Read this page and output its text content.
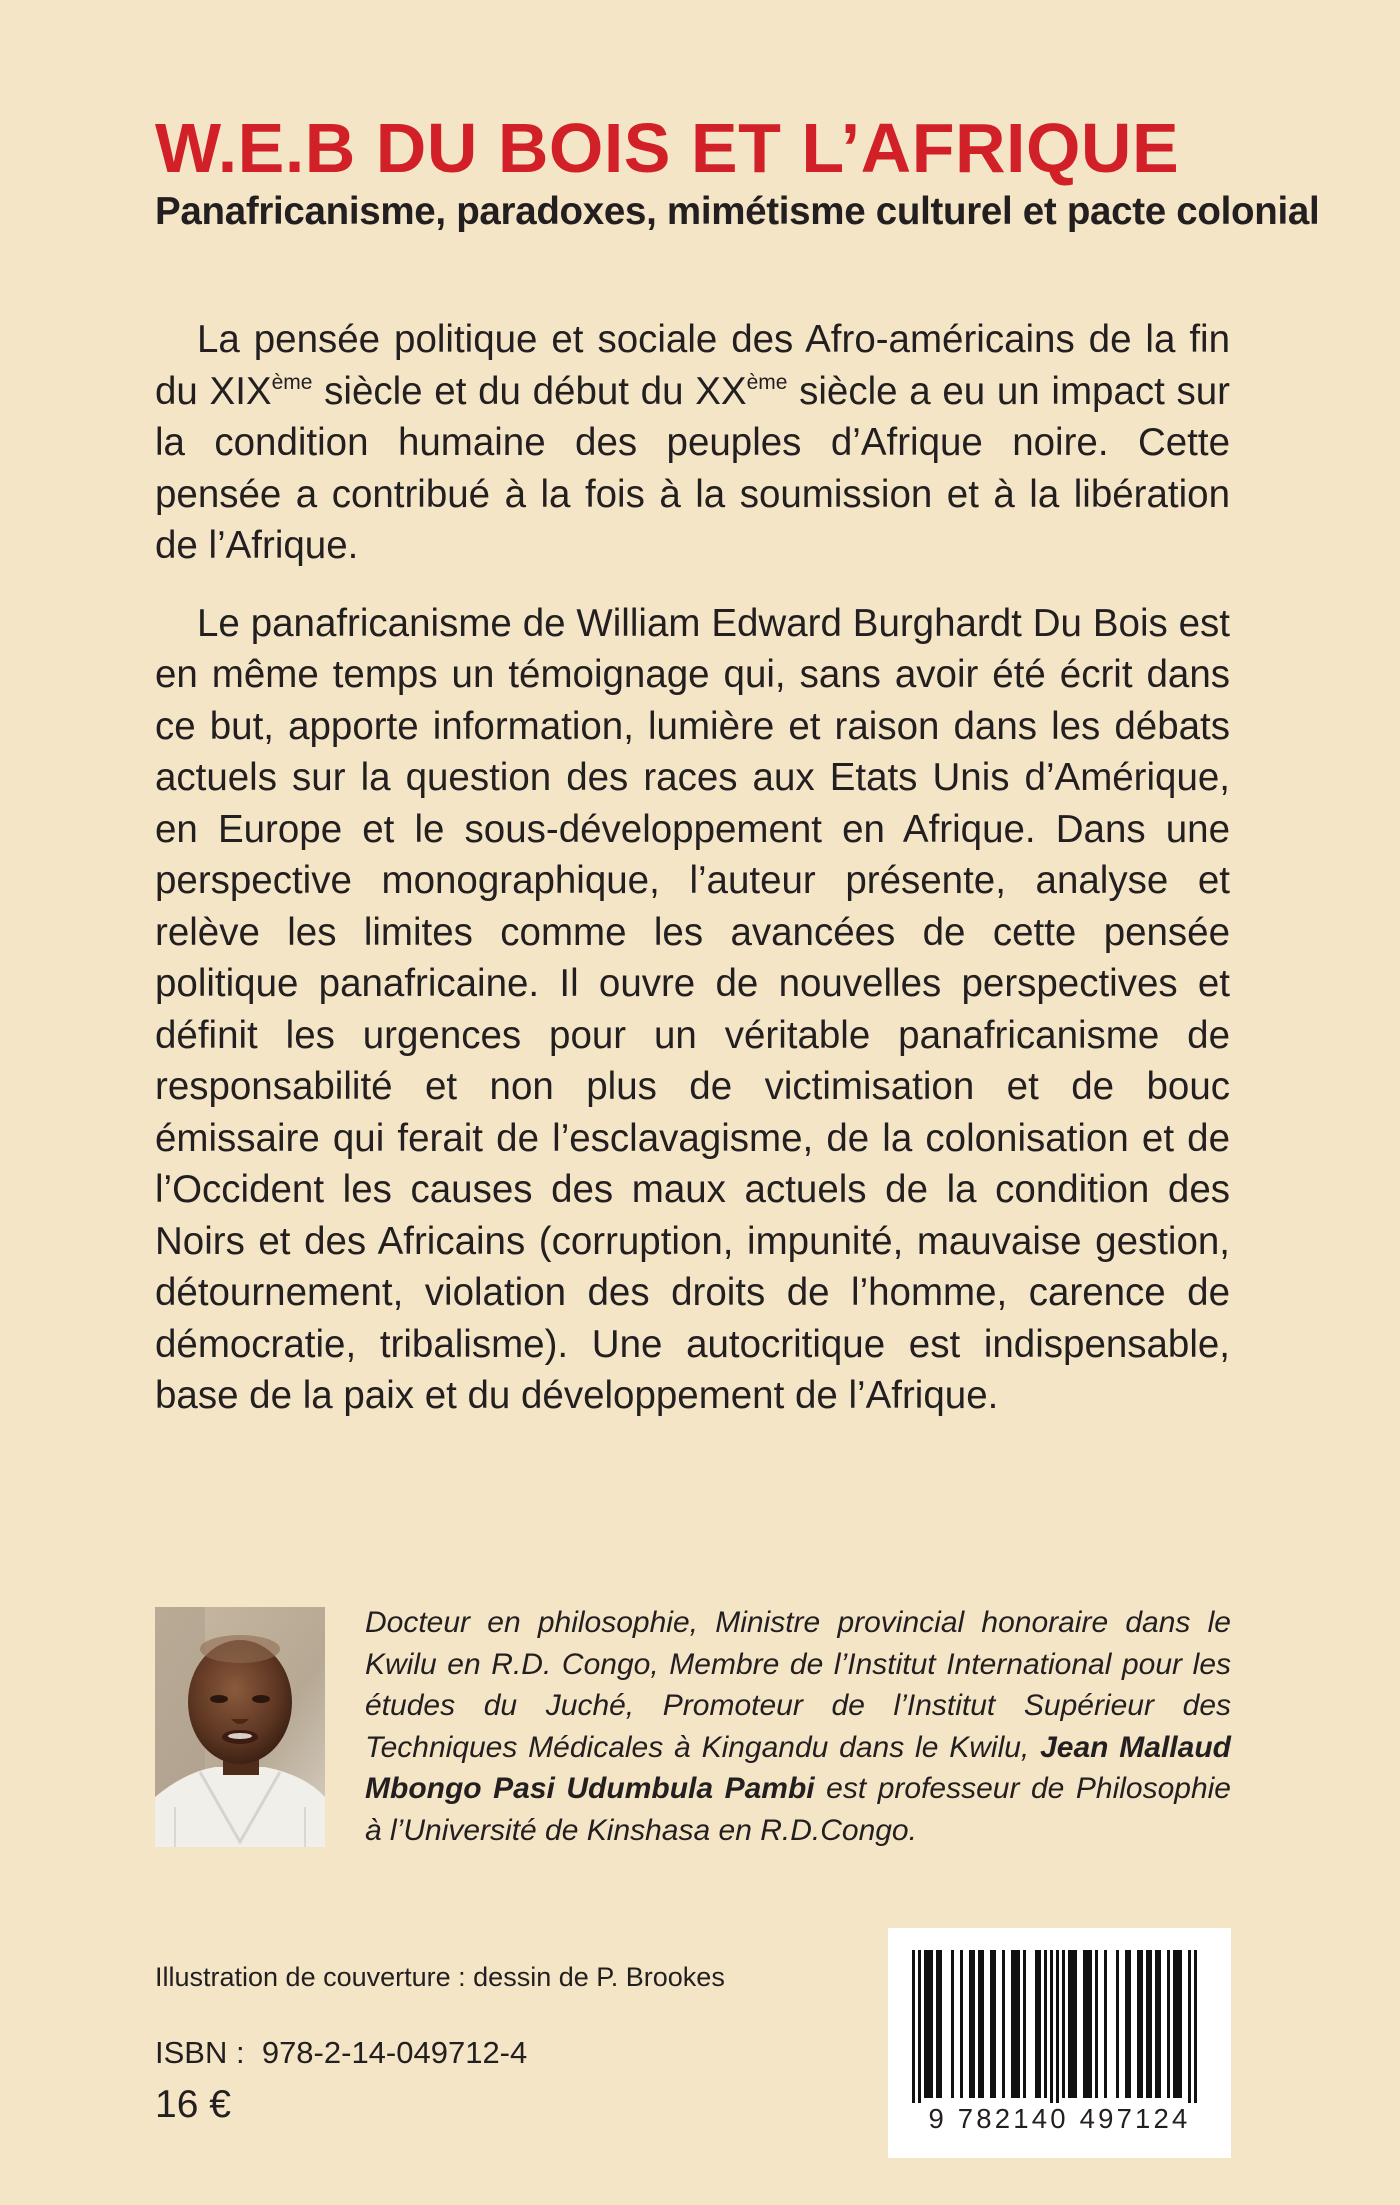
W.E.B DU BOIS ET L’AFRIQUE
Panafricanisme, paradoxes, mimétisme culturel et pacte colonial

La pensée politique et sociale des Afro-américains de la fin du XIXème siècle et du début du XXème siècle a eu un impact sur la condition humaine des peuples d’Afrique noire. Cette pensée a contribué à la fois à la soumission et à la libération de l’Afrique.

Le panafricanisme de William Edward Burghardt Du Bois est en même temps un témoignage qui, sans avoir été écrit dans ce but, apporte information, lumière et raison dans les débats actuels sur la question des races aux Etats Unis d’Amérique, en Europe et le sous-développement en Afrique. Dans une perspective monographique, l’auteur présente, analyse et relève les limites comme les avancées de cette pensée politique panafricaine. Il ouvre de nouvelles perspectives et définit les urgences pour un véritable panafricanisme de responsabilité et non plus de victimisation et de bouc émissaire qui ferait de l’esclavagisme, de la colonisation et de l’Occident les causes des maux actuels de la condition des Noirs et des Africains (corruption, impunité, mauvaise gestion, détournement, violation des droits de l’homme, carence de démocratie, tribalisme). Une autocritique est indispensable, base de la paix et du développement de l’Afrique.

Docteur en philosophie, Ministre provincial honoraire dans le Kwilu en R.D. Congo, Membre de l’Institut International pour les études du Juché, Promoteur de l’Institut Supérieur des Techniques Médicales à Kingandu dans le Kwilu, Jean Mallaud Mbongo Pasi Udumbula Pambi est professeur de Philosophie à l’Université de Kinshasa en R.D.Congo.

Illustration de couverture : dessin de P. Brookes
ISBN : 978-2-14-049712-4
16 €	9 782140 497124
